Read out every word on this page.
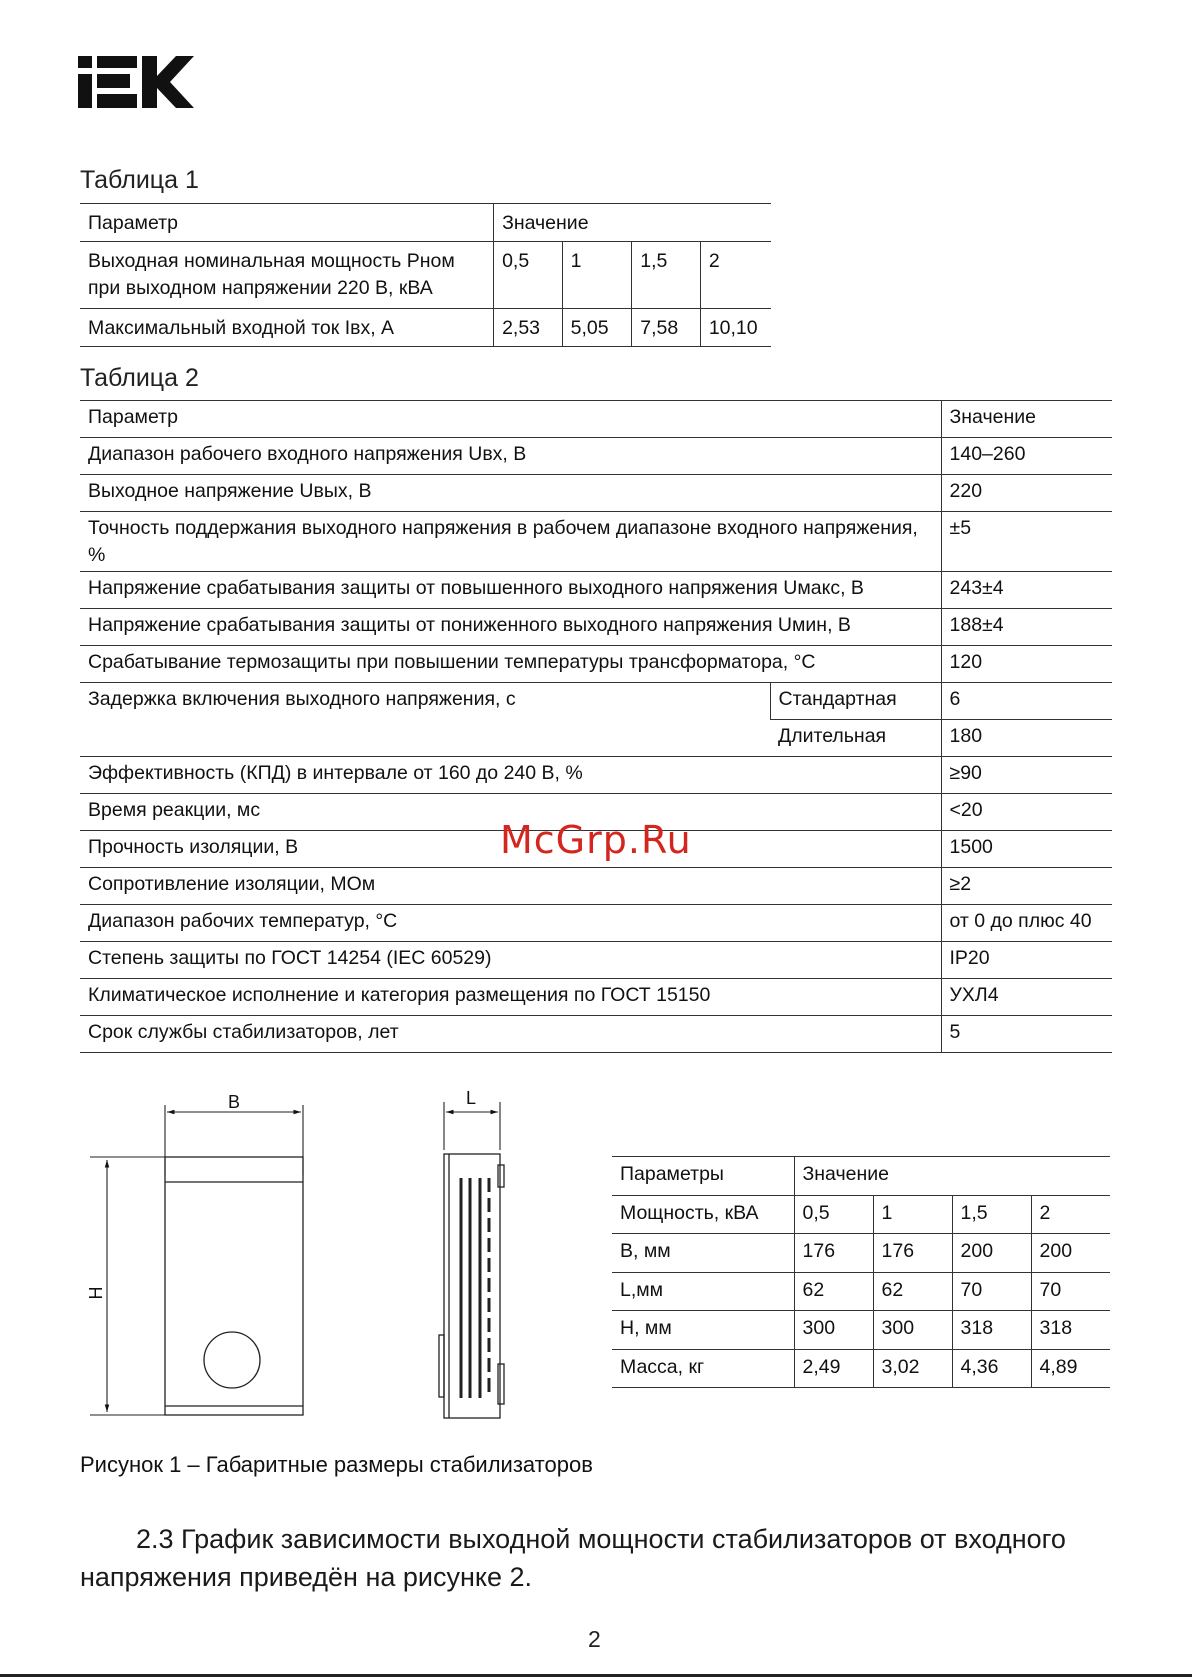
Таблица 1
Параметр	Значение			
Выходная номинальная мощность Рном при выходном напряжении 220 В, кВА	0,5	1	1,5	2
Максимальный входной ток Iвх, А	2,53	5,05	7,58	10,10
Таблица 2
Параметр		Значение
Диапазон рабочего входного напряжения Uвх, В		140–260
Выходное напряжение Uвых, В		220
Точность поддержания выходного напряжения в рабочем диапазоне входного напряжения, %		±5
Напряжение срабатывания защиты от повышенного выходного напряжения Uмакс, В		243±4
Напряжение срабатывания защиты от пониженного выходного напряжения Uмин, В		188±4
Срабатывание термозащиты при повышении температуры трансформатора, °С		120
Задержка включения выходного напряжения, с	Стандартная	6
	Длительная	180
Эффективность (КПД) в интервале от 160 до 240 В, %		≥90
Время реакции, мс		<20
Прочность изоляции, В		1500
Сопротивление изоляции, МОм		≥2
Диапазон рабочих температур, °С		от 0 до плюс 40
Степень защиты по ГОСТ 14254 (IEC 60529)		IP20
Климатическое исполнение и категория размещения по ГОСТ 15150		УХЛ4
Срок службы стабилизаторов, лет		5
McGrp.Ru
B
H
L
Параметры	Значение			
Мощность, кВА	0,5	1	1,5	2
В, мм	176	176	200	200
L,мм	62	62	70	70
Н, мм	300	300	318	318
Масса, кг	2,49	3,02	4,36	4,89
Рисунок 1 – Габаритные размеры стабилизаторов
2.3 График зависимости выходной мощности стабилизаторов от входного напряжения приведён на рисунке 2.
2
